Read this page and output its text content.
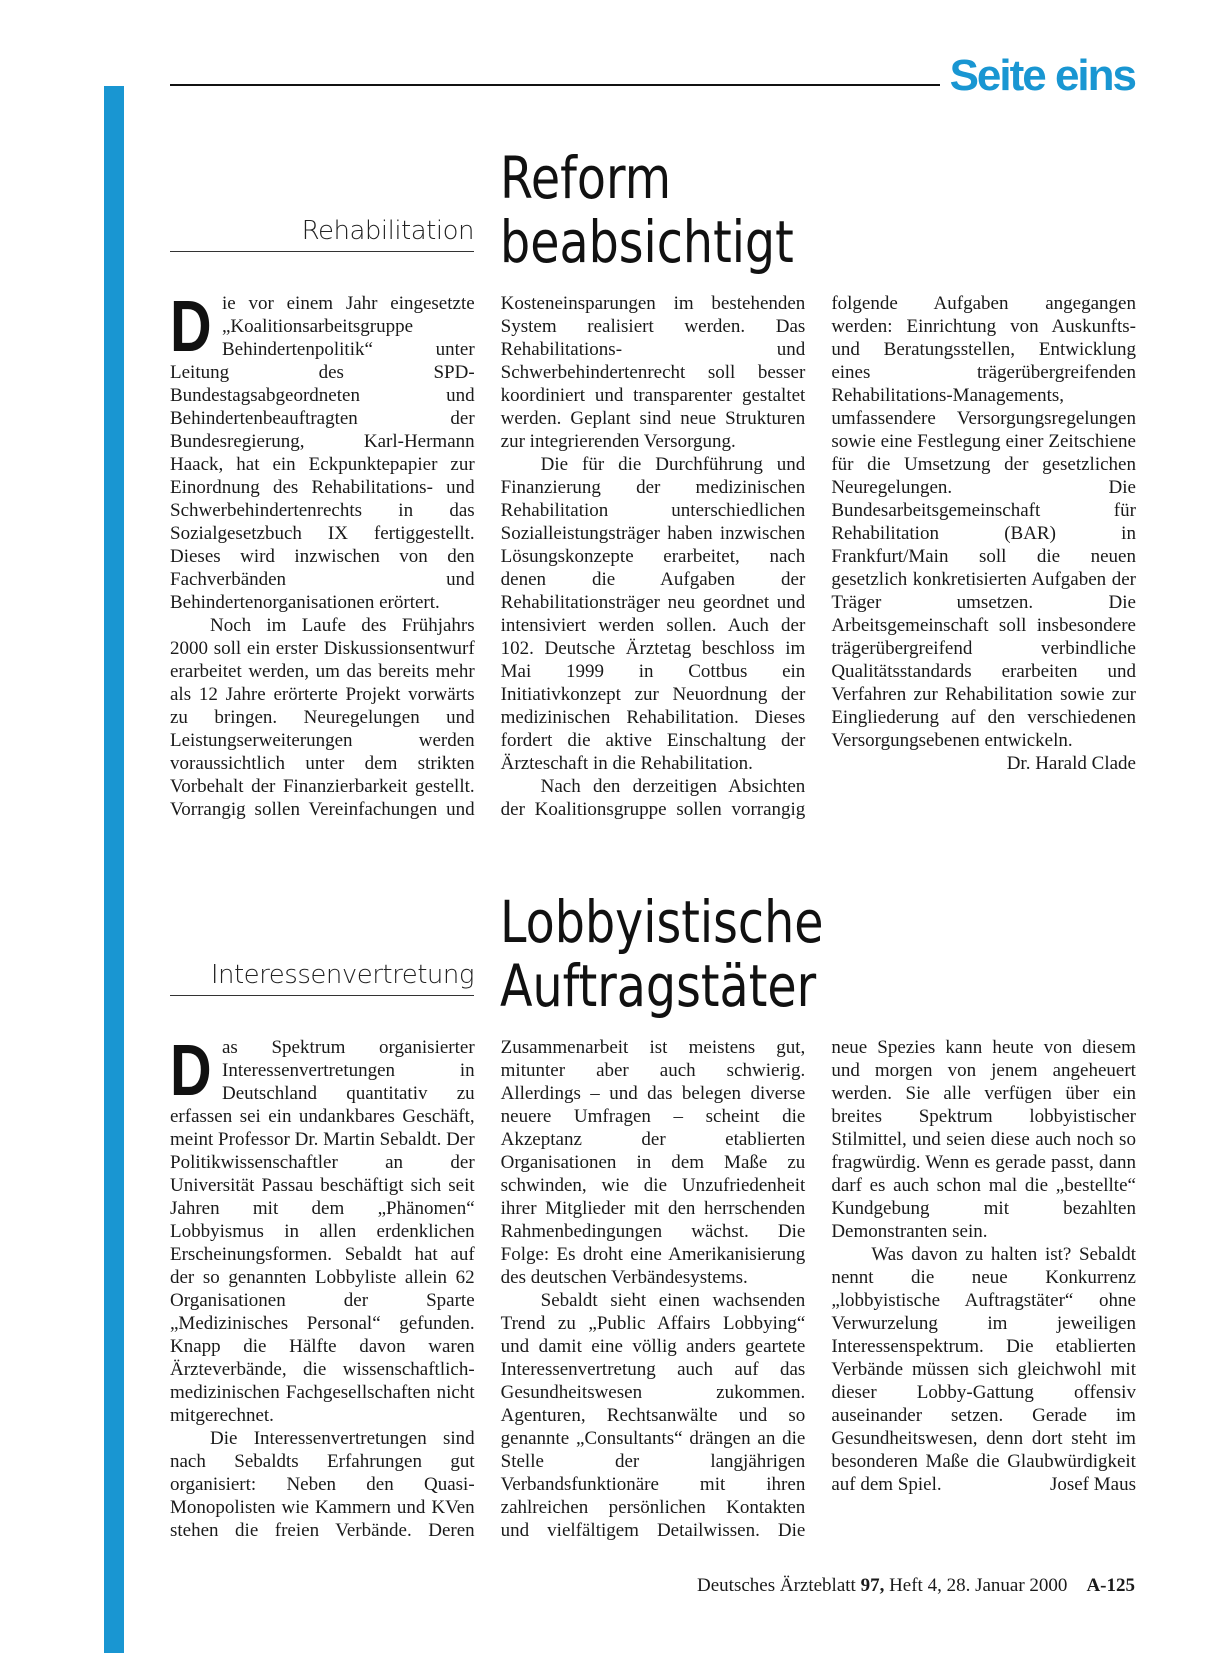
Seite eins

Rehabilitation

Reform
beabsichtigt

Die vor einem Jahr eingesetzte „Koalitionsarbeitsgruppe Behindertenpolitik“ unter Leitung des SPD-Bundestagsabgeordneten und Behindertenbeauftragten der Bundesregierung, Karl-Hermann Haack, hat ein Eckpunktepapier zur Einordnung des Rehabilitations- und Schwerbehindertenrechts in das Sozialgesetzbuch IX fertiggestellt. Dieses wird inzwischen von den Fachverbänden und Behindertenorganisationen erörtert.

Noch im Laufe des Frühjahrs 2000 soll ein erster Diskussionsentwurf erarbeitet werden, um das bereits mehr als 12 Jahre erörterte Projekt vorwärts zu bringen. Neuregelungen und Leistungserweiterungen werden voraussichtlich unter dem strikten Vorbehalt der Finanzierbarkeit gestellt. Vorrangig sollen Vereinfachungen und Kosteneinsparungen im bestehenden System realisiert werden. Das Rehabilitations- und Schwerbehindertenrecht soll besser koordiniert und transparenter gestaltet werden. Geplant sind neue Strukturen zur integrierenden Versorgung.

Die für die Durchführung und Finanzierung der medizinischen Rehabilitation unterschiedlichen Sozialleistungsträger haben inzwischen Lösungskonzepte erarbeitet, nach denen die Aufgaben der Rehabilitationsträger neu geordnet und intensiviert werden sollen. Auch der 102. Deutsche Ärztetag beschloss im Mai 1999 in Cottbus ein Initiativkonzept zur Neuordnung der medizinischen Rehabilitation. Dieses fordert die aktive Einschaltung der Ärzteschaft in die Rehabilitation.

Nach den derzeitigen Absichten der Koalitionsgruppe sollen vorrangig folgende Aufgaben angegangen werden: Einrichtung von Auskunfts- und Beratungsstellen, Entwicklung eines trägerübergreifenden Rehabilitations-Managements, umfassendere Versorgungsregelungen sowie eine Festlegung einer Zeitschiene für die Umsetzung der gesetzlichen Neuregelungen. Die Bundesarbeitsgemeinschaft für Rehabilitation (BAR) in Frankfurt/Main soll die neuen gesetzlich konkretisierten Aufgaben der Träger umsetzen. Die Arbeitsgemeinschaft soll insbesondere trägerübergreifend verbindliche Qualitätsstandards erarbeiten und Verfahren zur Rehabilitation sowie zur Eingliederung auf den verschiedenen Versorgungsebenen entwickeln.
Dr. Harald Clade

Interessenvertretung

Lobbyistische
Auftragstäter

Das Spektrum organisierter Interessenvertretungen in Deutschland quantitativ zu erfassen sei ein undankbares Geschäft, meint Professor Dr. Martin Sebaldt. Der Politikwissenschaftler an der Universität Passau beschäftigt sich seit Jahren mit dem „Phänomen“ Lobbyismus in allen erdenklichen Erscheinungsformen. Sebaldt hat auf der so genannten Lobbyliste allein 62 Organisationen der Sparte „Medizinisches Personal“ gefunden. Knapp die Hälfte davon waren Ärzteverbände, die wissenschaftlich-medizinischen Fachgesellschaften nicht mitgerechnet.

Die Interessenvertretungen sind nach Sebaldts Erfahrungen gut organisiert: Neben den Quasi-Monopolisten wie Kammern und KVen stehen die freien Verbände. Deren Zusammenarbeit ist meistens gut, mitunter aber auch schwierig. Allerdings – und das belegen diverse neuere Umfragen – scheint die Akzeptanz der etablierten Organisationen in dem Maße zu schwinden, wie die Unzufriedenheit ihrer Mitglieder mit den herrschenden Rahmenbedingungen wächst. Die Folge: Es droht eine Amerikanisierung des deutschen Verbändesystems.

Sebaldt sieht einen wachsenden Trend zu „Public Affairs Lobbying“ und damit eine völlig anders geartete Interessenvertretung auch auf das Gesundheitswesen zukommen. Agenturen, Rechtsanwälte und so genannte „Consultants“ drängen an die Stelle der langjährigen Verbandsfunktionäre mit ihren zahlreichen persönlichen Kontakten und vielfältigem Detailwissen. Die neue Spezies kann heute von diesem und morgen von jenem angeheuert werden. Sie alle verfügen über ein breites Spektrum lobbyistischer Stilmittel, und seien diese auch noch so fragwürdig. Wenn es gerade passt, dann darf es auch schon mal die „bestellte“ Kundgebung mit bezahlten Demonstranten sein.

Was davon zu halten ist? Sebaldt nennt die neue Konkurrenz „lobbyistische Auftragstäter“ ohne Verwurzelung im jeweiligen Interessenspektrum. Die etablierten Verbände müssen sich gleichwohl mit dieser Lobby-Gattung offensiv auseinander setzen. Gerade im Gesundheitswesen, denn dort steht im besonderen Maße die Glaubwürdigkeit auf dem Spiel.	Josef Maus

Deutsches Ärzteblatt 97, Heft 4, 28. Januar 2000 A-125
